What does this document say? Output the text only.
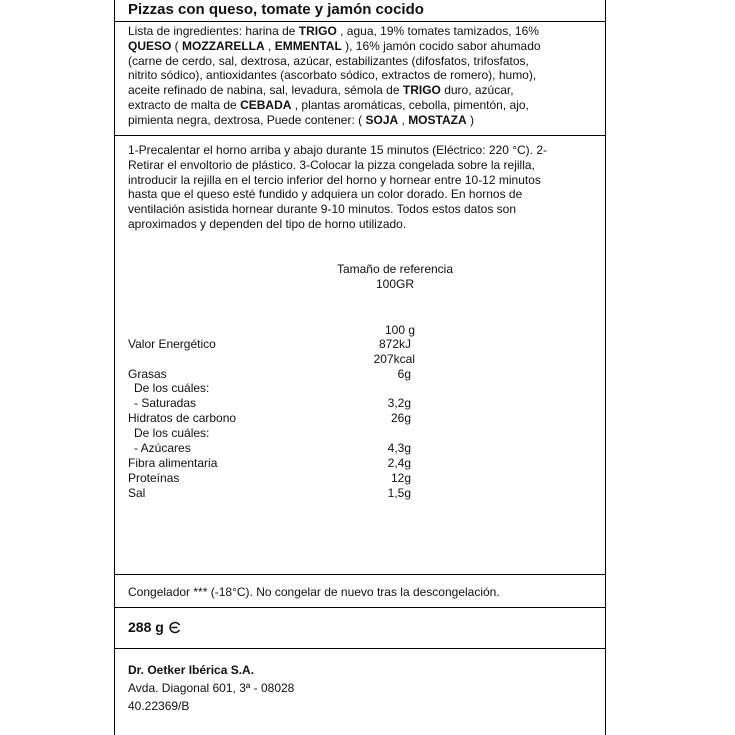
Pizzas con queso, tomate y jamón cocido
Lista de ingredientes: harina de TRIGO , agua, 19% tomates tamizados, 16%
QUESO ( MOZZARELLA , EMMENTAL ), 16% jamón cocido sabor ahumado
(carne de cerdo, sal, dextrosa, azúcar, estabilizantes (difosfatos, trifosfatos,
nitrito sódico), antioxidantes (ascorbato sódico, extractos de romero), humo),
aceite refinado de nabina, sal, levadura, sémola de TRIGO duro, azúcar,
extracto de malta de CEBADA , plantas aromáticas, cebolla, pimentón, ajo,
pimienta negra, dextrosa, Puede contener: ( SOJA , MOSTAZA )
1-Precalentar el horno arriba y abajo durante 15 minutos (Eléctrico: 220 °C). 2-
Retirar el envoltorio de plástico. 3-Colocar la pizza congelada sobre la rejilla,
introducir la rejilla en el tercio inferior del horno y hornear entre 10-12 minutos
hasta que el queso esté fundido y adquiera un color dorado. En hornos de
ventilación asistida hornear durante 9-10 minutos. Todos estos datos son
aproximados y dependen del tipo de horno utilizado.
Tamaño de referencia
100GR
100 g
Valor Energético	872kJ
207kcal
Grasas	6g
De los cuáles:
- Saturadas	3,2g
Hidratos de carbono	26g
De los cuáles:
- Azúcares	4,3g
Fibra alimentaria	2,4g
Proteínas	12g
Sal	1,5g
Congelador *** (-18°C). No congelar de nuevo tras la descongelación.
288 g
Dr. Oetker Ibérica S.A.
Avda. Diagonal 601, 3ª - 08028
40.22369/B
